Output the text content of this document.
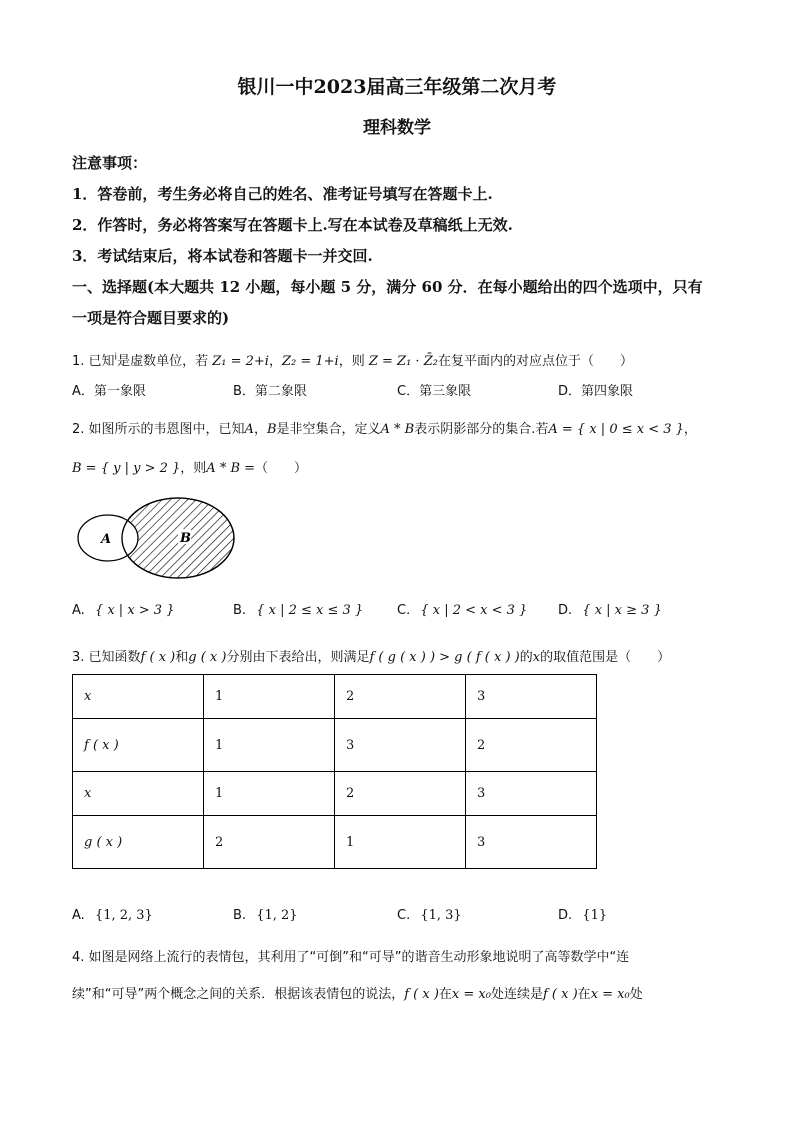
银川一中2023届高三年级第二次月考
理科数学
注意事项：
1．答卷前，考生务必将自己的姓名、准考证号填写在答题卡上.
2．作答时，务必将答案写在答题卡上.写在本试卷及草稿纸上无效.
3．考试结束后，将本试卷和答题卡一并交回.
一、选择题(本大题共 12 小题，每小题 5 分，满分 60 分．在每小题给出的四个选项中，只有
一项是符合题目要求的)
1. 已知$^i$是虚数单位，若 Z₁ = 2+i，Z₂ = 1+i，则 Z = Z₁ · Z̄₂在复平面内的对应点位于（　　）
A．第一象限	B．第二象限	C．第三象限	D．第四象限
2. 如图所示的韦恩图中，已知A，B是非空集合，定义A * B表示阴影部分的集合.若A = { x | 0 ≤ x < 3 }，
B = { y | y > 2 }，则A * B =（　　）
A	B
A. { x | x > 3 }	B. { x | 2 ≤ x ≤ 3 }	C. { x | 2 < x < 3 } D. { x | x ≥ 3 }
3. 已知函数f ( x )和g ( x )分别由下表给出，则满足f ( g ( x ) ) > g ( f ( x ) )的x的取值范围是（　　）
x	1	2	3
f ( x )	1	3	2
x	1	2	3
g ( x )	2	1	3
A. {1, 2, 3}	B. {1, 2}	C. {1, 3}	D. {1}
4. 如图是网络上流行的表情包，其利用了“可倒”和“可导”的谐音生动形象地说明了高等数学中“连
续”和“可导”两个概念之间的关系．根据该表情包的说法，f ( x )在x = x₀处连续是f ( x )在x = x₀处
